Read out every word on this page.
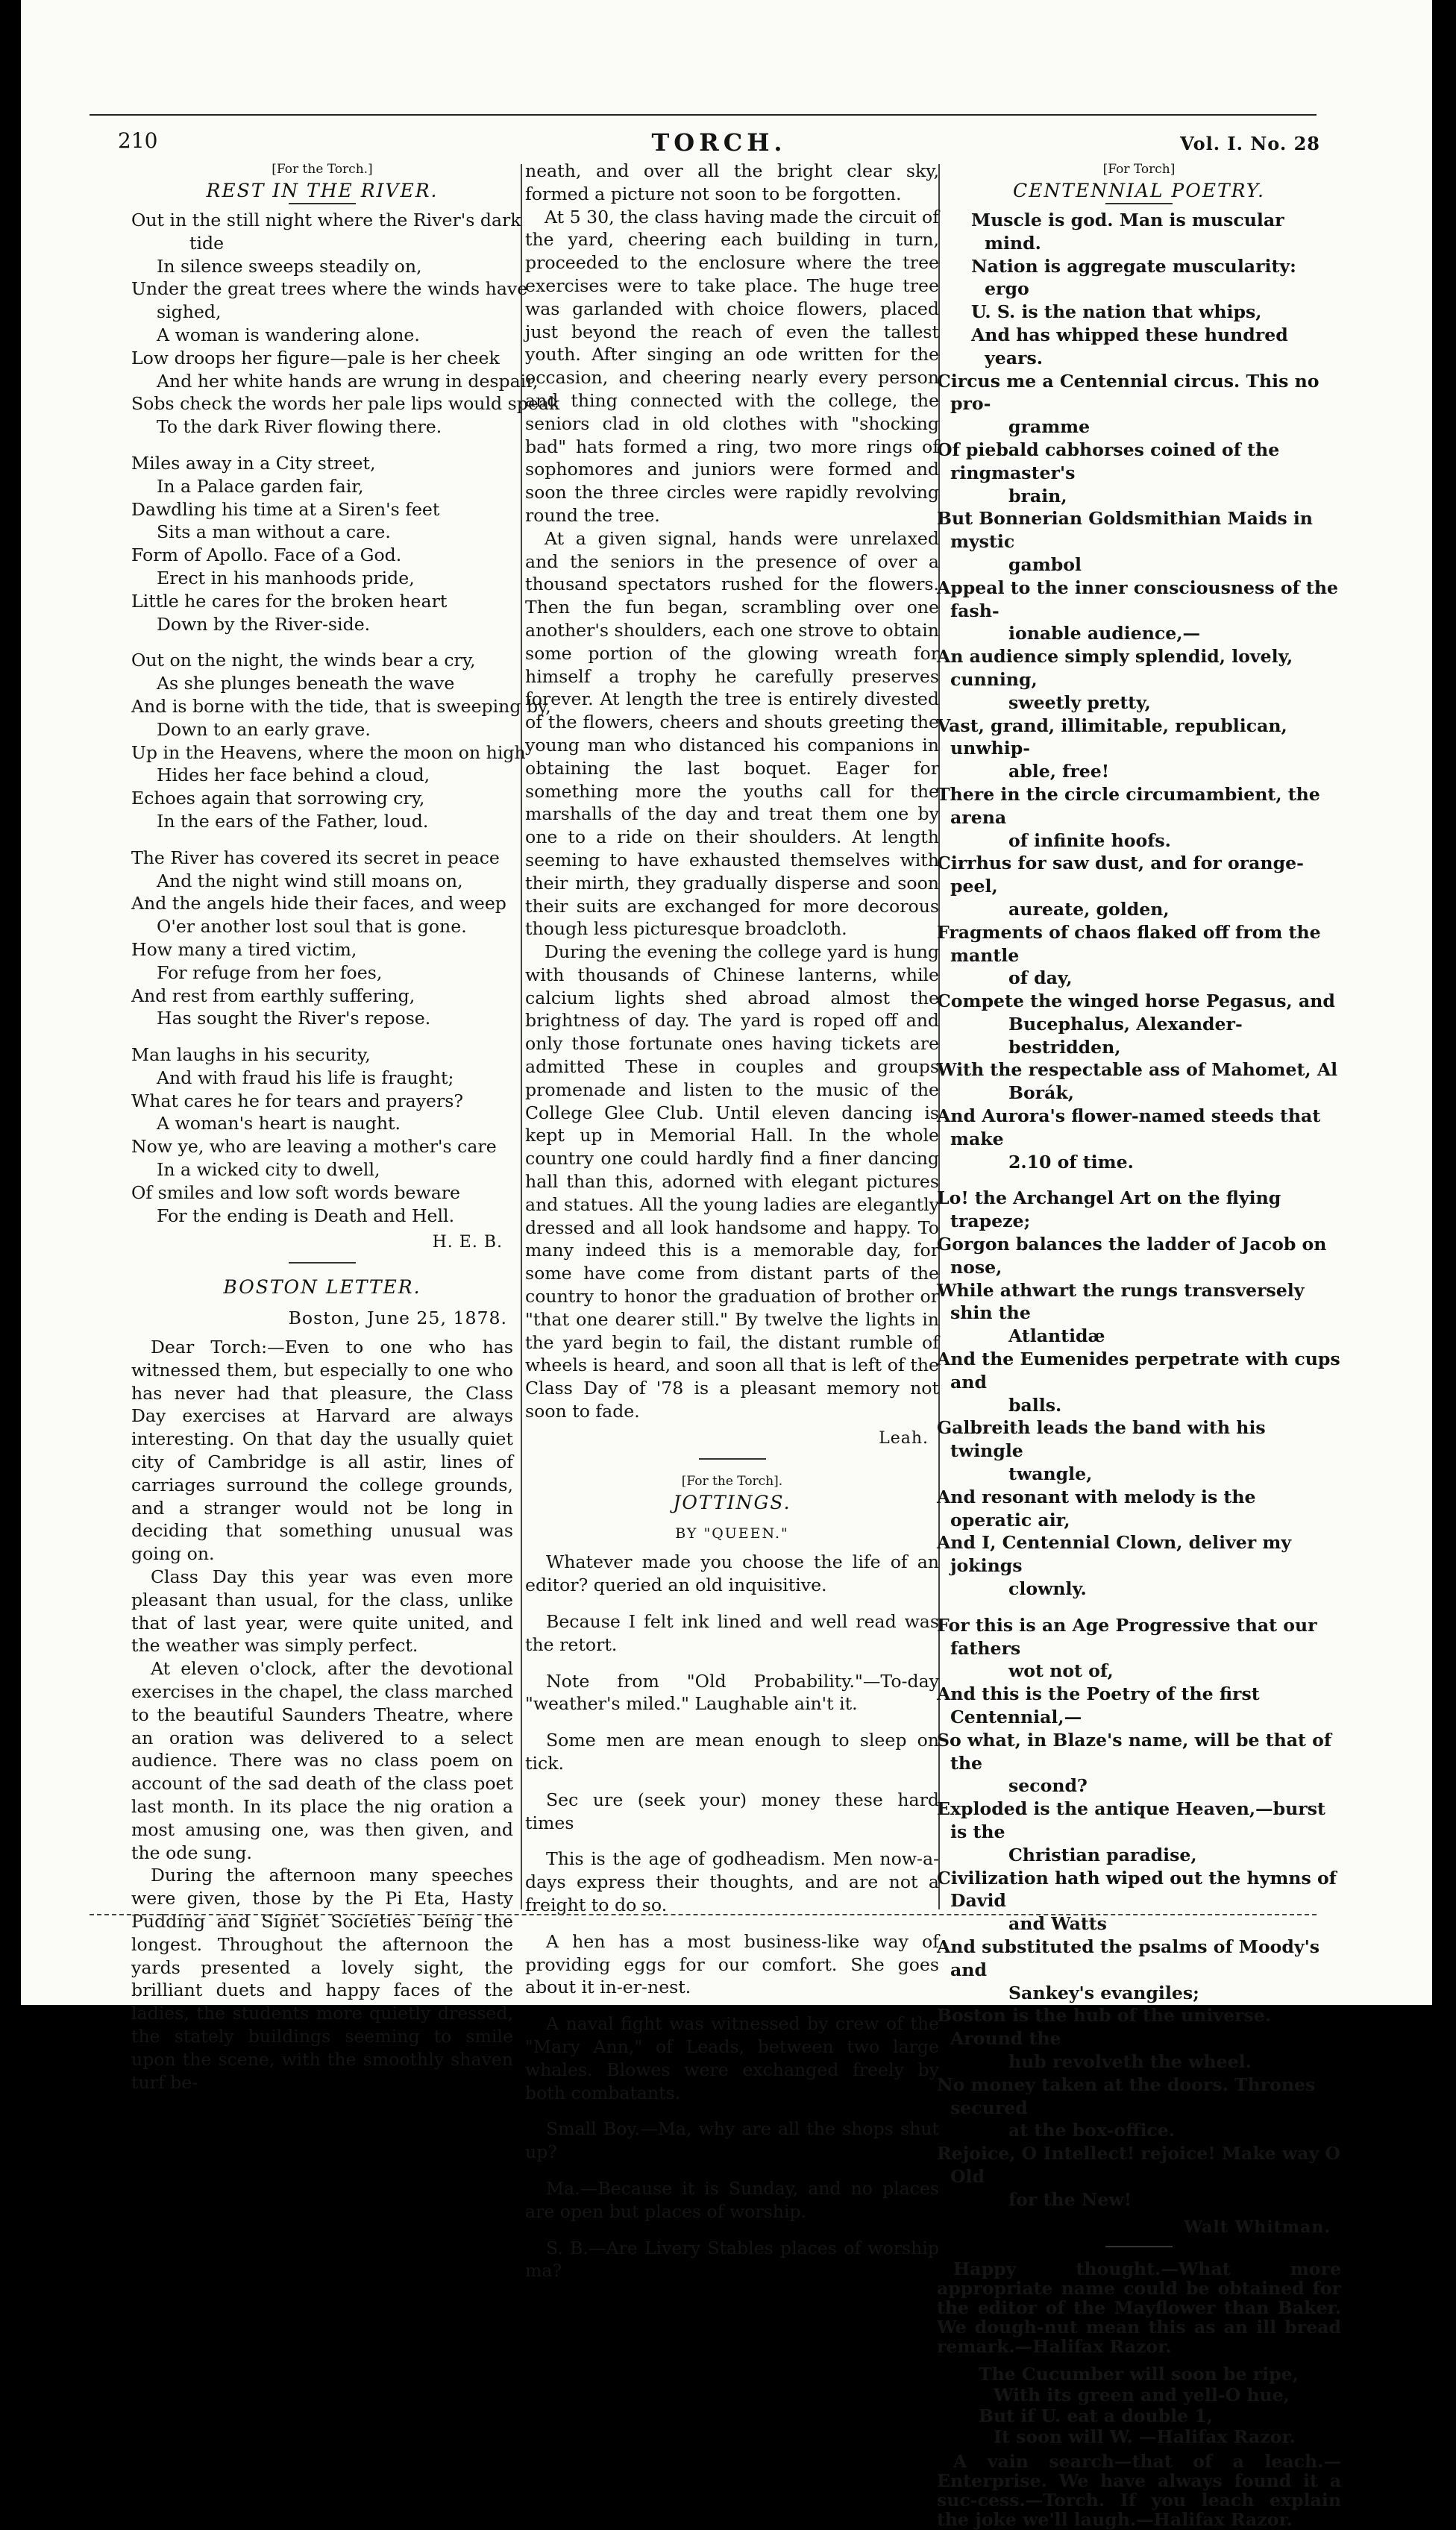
210	TORCH.	Vol. I. No. 28
[For the Torch.]
REST IN THE RIVER.
Out in the still night where the River's dark
tide
In silence sweeps steadily on,
Under the great trees where the winds have
sighed,
A woman is wandering alone.
Low droops her figure—pale is her cheek
And her white hands are wrung in despair,
Sobs check the words her pale lips would speak
To the dark River flowing there.
Miles away in a City street,
In a Palace garden fair,
Dawdling his time at a Siren's feet
Sits a man without a care.
Form of Apollo. Face of a God.
Erect in his manhoods pride,
Little he cares for the broken heart
Down by the River-side.
Out on the night, the winds bear a cry,
As she plunges beneath the wave
And is borne with the tide, that is sweeping by,
Down to an early grave.
Up in the Heavens, where the moon on high
Hides her face behind a cloud,
Echoes again that sorrowing cry,
In the ears of the Father, loud.
The River has covered its secret in peace
And the night wind still moans on,
And the angels hide their faces, and weep
O'er another lost soul that is gone.
How many a tired victim,
For refuge from her foes,
And rest from earthly suffering,
Has sought the River's repose.
Man laughs in his security,
And with fraud his life is fraught;
What cares he for tears and prayers?
A woman's heart is naught.
Now ye, who are leaving a mother's care
In a wicked city to dwell,
Of smiles and low soft words beware
For the ending is Death and Hell.
H. E. B.
BOSTON LETTER.
Boston, June 25, 1878.

Dear Torch:—Even to one who has witnessed them, but especially to one who has never had that pleasure, the Class Day exercises at Harvard are always interesting. On that day the usually quiet city of Cambridge is all astir, lines of carriages surround the college grounds, and a stranger would not be long in deciding that something unusual was going on.

Class Day this year was even more pleasant than usual, for the class, unlike that of last year, were quite united, and the weather was simply perfect.

At eleven o'clock, after the devotional exercises in the chapel, the class marched to the beautiful Saunders Theatre, where an oration was delivered to a select audience. There was no class poem on account of the sad death of the class poet last month. In its place the nig oration a most amusing one, was then given, and the ode sung.

During the afternoon many speeches were given, those by the Pi Eta, Hasty Pudding and Signet Societies being the longest. Throughout the afternoon the yards presented a lovely sight, the brilliant duets and happy faces of the ladies, the students more quietly dressed, the stately buildings seeming to smile upon the scene, with the smoothly shaven turf be-

neath, and over all the bright clear sky, formed a picture not soon to be forgotten.

At 5 30, the class having made the circuit of the yard, cheering each building in turn, proceeded to the enclosure where the tree exercises were to take place. The huge tree was garlanded with choice flowers, placed just beyond the reach of even the tallest youth. After singing an ode written for the occasion, and cheering nearly every person and thing connected with the college, the seniors clad in old clothes with "shocking bad" hats formed a ring, two more rings of sophomores and juniors were formed and soon the three circles were rapidly revolving round the tree.

At a given signal, hands were unrelaxed and the seniors in the presence of over a thousand spectators rushed for the flowers. Then the fun began, scrambling over one another's shoulders, each one strove to obtain some portion of the glowing wreath for himself a trophy he carefully preserves forever. At length the tree is entirely divested of the flowers, cheers and shouts greeting the young man who distanced his companions in obtaining the last boquet. Eager for something more the youths call for the marshalls of the day and treat them one by one to a ride on their shoulders. At length seeming to have exhausted themselves with their mirth, they gradually disperse and soon their suits are exchanged for more decorous though less picturesque broadcloth.

During the evening the college yard is hung with thousands of Chinese lanterns, while calcium lights shed abroad almost the brightness of day. The yard is roped off and only those fortunate ones having tickets are admitted These in couples and groups promenade and listen to the music of the College Glee Club. Until eleven dancing is kept up in Memorial Hall. In the whole country one could hardly find a finer dancing hall than this, adorned with elegant pictures and statues. All the young ladies are elegantly dressed and all look handsome and happy. To many indeed this is a memorable day, for some have come from distant parts of the country to honor the graduation of brother or "that one dearer still." By twelve the lights in the yard begin to fail, the distant rumble of wheels is heard, and soon all that is left of the Class Day of '78 is a pleasant memory not soon to fade.

Leah.
[For the Torch].
JOTTINGS.
BY "QUEEN."

Whatever made you choose the life of an editor? queried an old inquisitive.

Because I felt ink lined and well read was the retort.

Note from "Old Probability."—To-day "weather's miled." Laughable ain't it.

Some men are mean enough to sleep on tick.

Sec ure (seek your) money these hard times

This is the age of godheadism. Men now-a-days express their thoughts, and are not a freight to do so.

A hen has a most business-like way of providing eggs for our comfort. She goes about it in-er-nest.

A naval fight was witnessed by crew of the "Mary Ann," of Leads, between two large whales. Blowes were exchanged freely by both combatants.

Small Boy.—Ma, why are all the shops shut up?

Ma.—Because it is Sunday, and no places are open but places of worship.

S. B.—Are Livery Stables places of worship ma?

[For Torch]
CENTENNIAL POETRY.
Muscle is god. Man is muscular mind.
Nation is aggregate muscularity: ergo
U. S. is the nation that whips,
And has whipped these hundred years.
Circus me a Centennial circus. This no pro-
gramme
Of piebald cabhorses coined of the ringmaster's
brain,
But Bonnerian Goldsmithian Maids in mystic
gambol
Appeal to the inner consciousness of the fash-
ionable audience,—
An audience simply splendid, lovely, cunning,
sweetly pretty,
Vast, grand, illimitable, republican, unwhip-
able, free!
There in the circle circumambient, the arena
of infinite hoofs.
Cirrhus for saw dust, and for orange-peel,
aureate, golden,
Fragments of chaos flaked off from the mantle
of day,
Compete the winged horse Pegasus, and
Bucephalus, Alexander-bestridden,
With the respectable ass of Mahomet, Al
Borák,
And Aurora's flower-named steeds that make
2.10 of time.
Lo! the Archangel Art on the flying trapeze;
Gorgon balances the ladder of Jacob on nose,
While athwart the rungs transversely shin the
Atlantidæ
And the Eumenides perpetrate with cups and
balls.
Galbreith leads the band with his twingle
twangle,
And resonant with melody is the operatic air,
And I, Centennial Clown, deliver my jokings
clownly.
For this is an Age Progressive that our fathers
wot not of,
And this is the Poetry of the first Centennial,—
So what, in Blaze's name, will be that of the
second?
Exploded is the antique Heaven,—burst is the
Christian paradise,
Civilization hath wiped out the hymns of David
and Watts
And substituted the psalms of Moody's and
Sankey's evangiles;
Boston is the hub of the universe. Around the
hub revolveth the wheel.
No money taken at the doors. Thrones secured
at the box-office.
Rejoice, O Intellect! rejoice! Make way O Old
for the New!
Walt Whitman.

Happy thought.—What more appropriate name could be obtained for the editor of the Mayflower than Baker. We dough-nut mean this as an ill bread remark.—Halifax Razor.

The Cucumber will soon be ripe,
With its green and yell-O hue,
But if U. eat a double 1,
It soon will W. —Halifax Razor.

A vain search—that of a leach.—Enterprise. We have always found it a suc-cess.—Torch. If you leach explain the joke we'll laugh.—Halifax Razor.
